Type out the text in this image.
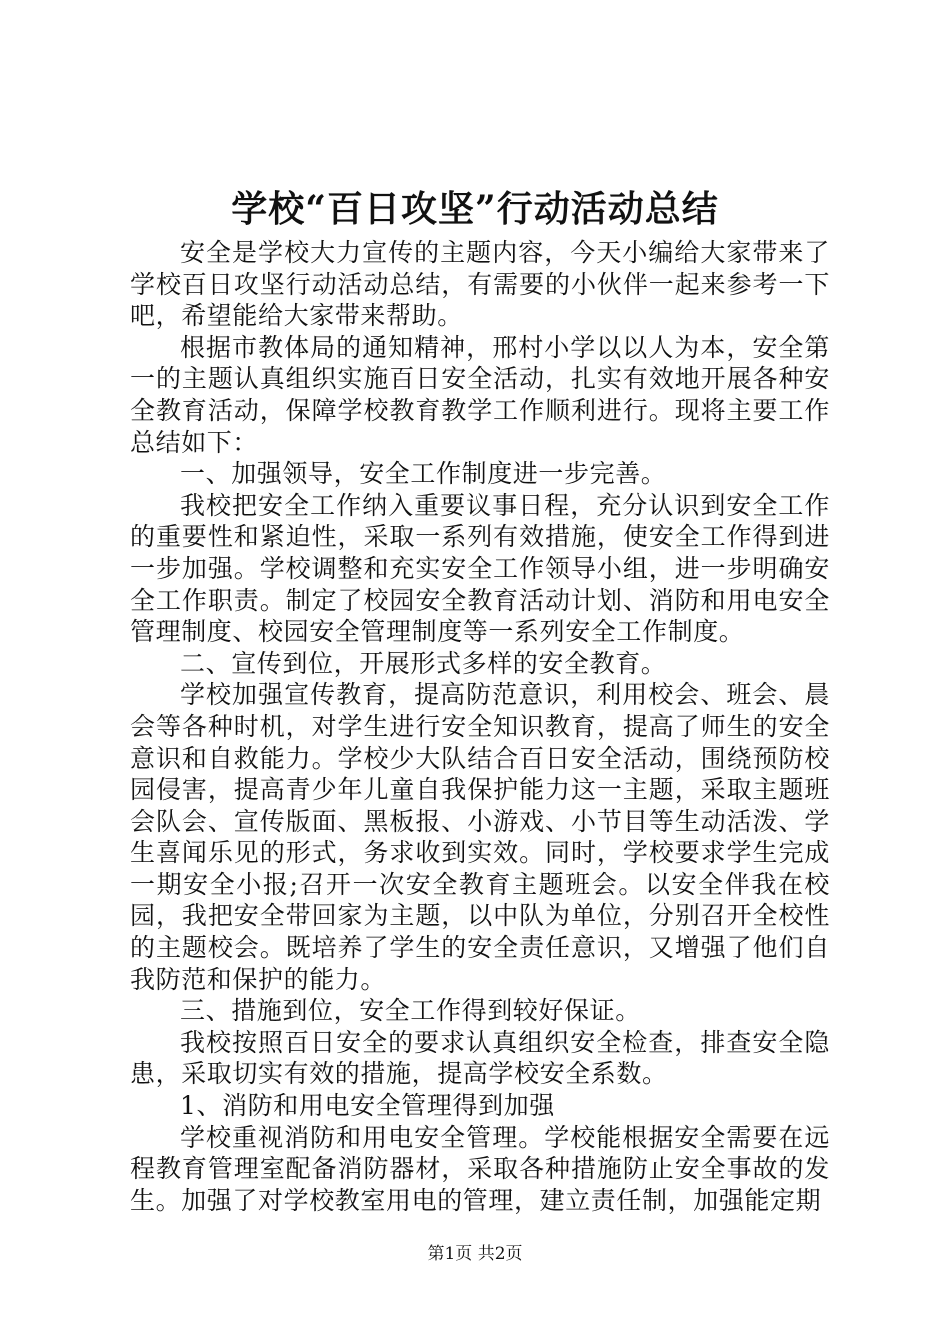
学校“百日攻坚”行动活动总结

安全是学校大力宣传的主题内容，今天小编给大家带来了学校百日攻坚行动活动总结，有需要的小伙伴一起来参考一下吧，希望能给大家带来帮助。

根据市教体局的通知精神，邢村小学以以人为本，安全第一的主题认真组织实施百日安全活动，扎实有效地开展各种安全教育活动，保障学校教育教学工作顺利进行。现将主要工作总结如下：

一、加强领导，安全工作制度进一步完善。

我校把安全工作纳入重要议事日程，充分认识到安全工作的重要性和紧迫性，采取一系列有效措施，使安全工作得到进一步加强。学校调整和充实安全工作领导小组，进一步明确安全工作职责。制定了校园安全教育活动计划、消防和用电安全管理制度、校园安全管理制度等一系列安全工作制度。

二、宣传到位，开展形式多样的安全教育。

学校加强宣传教育，提高防范意识，利用校会、班会、晨会等各种时机，对学生进行安全知识教育，提高了师生的安全意识和自救能力。学校少大队结合百日安全活动，围绕预防校园侵害，提高青少年儿童自我保护能力这一主题，采取主题班会队会、宣传版面、黑板报、小游戏、小节目等生动活泼、学生喜闻乐见的形式，务求收到实效。同时，学校要求学生完成一期安全小报;召开一次安全教育主题班会。以安全伴我在校园，我把安全带回家为主题，以中队为单位，分别召开全校性的主题校会。既培养了学生的安全责任意识，又增强了他们自我防范和保护的能力。

三、措施到位，安全工作得到较好保证。

我校按照百日安全的要求认真组织安全检查，排查安全隐患，采取切实有效的措施，提高学校安全系数。

1、消防和用电安全管理得到加强

学校重视消防和用电安全管理。学校能根据安全需要在远程教育管理室配备消防器材，采取各种措施防止安全事故的发生。加强了对学校教室用电的管理，建立责任制，加强能定期

第1页 共2页
